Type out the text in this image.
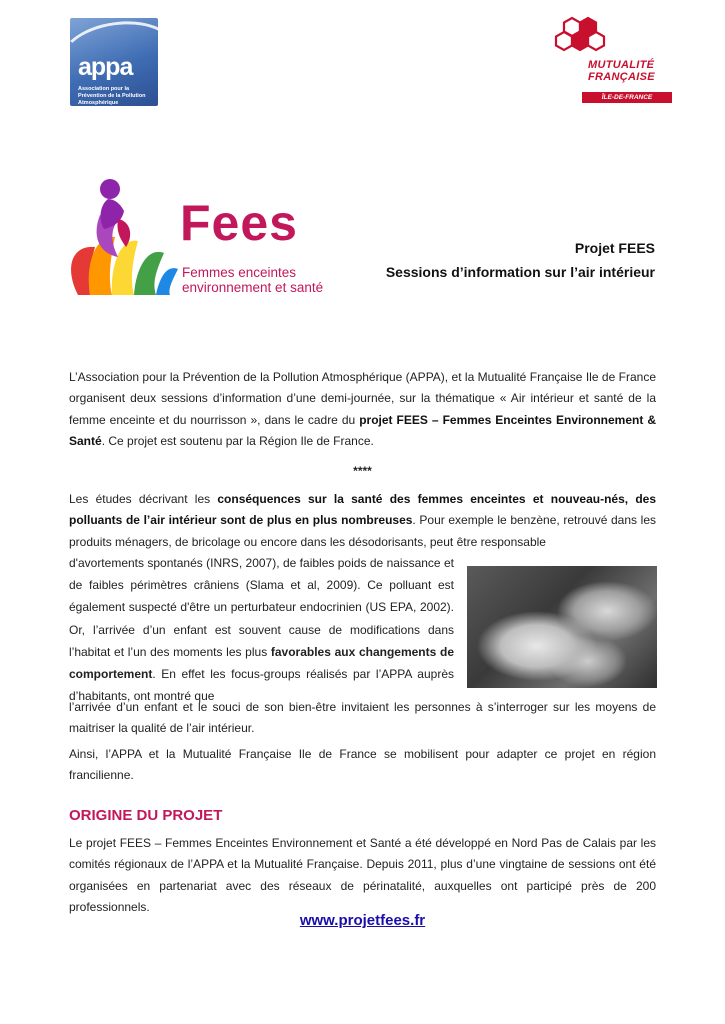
appa
Association pour la Prévention de la Pollution Atmosphérique
MUTUALITÉ
FRANÇAISE
ÎLE-DE-FRANCE
Fees
Femmes enceintes
environnement et santé
Projet FEES
Sessions d’information sur l’air intérieur
L’Association pour la Prévention de la Pollution Atmosphérique (APPA), et la Mutualité Française Ile de France organisent deux sessions d’information d’une demi-journée, sur la thématique « Air intérieur et santé de la femme enceinte et du nourrisson », dans le cadre du projet FEES – Femmes Enceintes Environnement & Santé. Ce projet est soutenu par la Région Ile de France.
****
Les études décrivant les conséquences sur la santé des femmes enceintes et nouveau-nés, des polluants de l’air intérieur sont de plus en plus nombreuses. Pour exemple le benzène, retrouvé dans les produits ménagers, de bricolage ou encore dans les désodorisants, peut être responsable
d'avortements spontanés (INRS, 2007), de faibles poids de naissance et de faibles périmètres crâniens (Slama et al, 2009). Ce polluant est également suspecté d'être un perturbateur endocrinien (US EPA, 2002). Or, l’arrivée d’un enfant est souvent cause de modifications dans l’habitat et l’un des moments les plus favorables aux changements de comportement. En effet les focus-groups réalisés par l’APPA auprès d’habitants, ont montré que
l’arrivée d’un enfant et le souci de son bien-être invitaient les personnes à s’interroger sur les moyens de maitriser la qualité de l’air intérieur.
Ainsi, l’APPA et la Mutualité Française Ile de France se mobilisent pour adapter ce projet en région francilienne.
ORIGINE DU PROJET
Le projet FEES – Femmes Enceintes Environnement et Santé a été développé en Nord Pas de Calais par les comités régionaux de l’APPA et la Mutualité Française. Depuis 2011, plus d’une vingtaine de sessions ont été organisées en partenariat avec des réseaux de périnatalité, auxquelles ont participé près de 200 professionnels.
www.projetfees.fr
